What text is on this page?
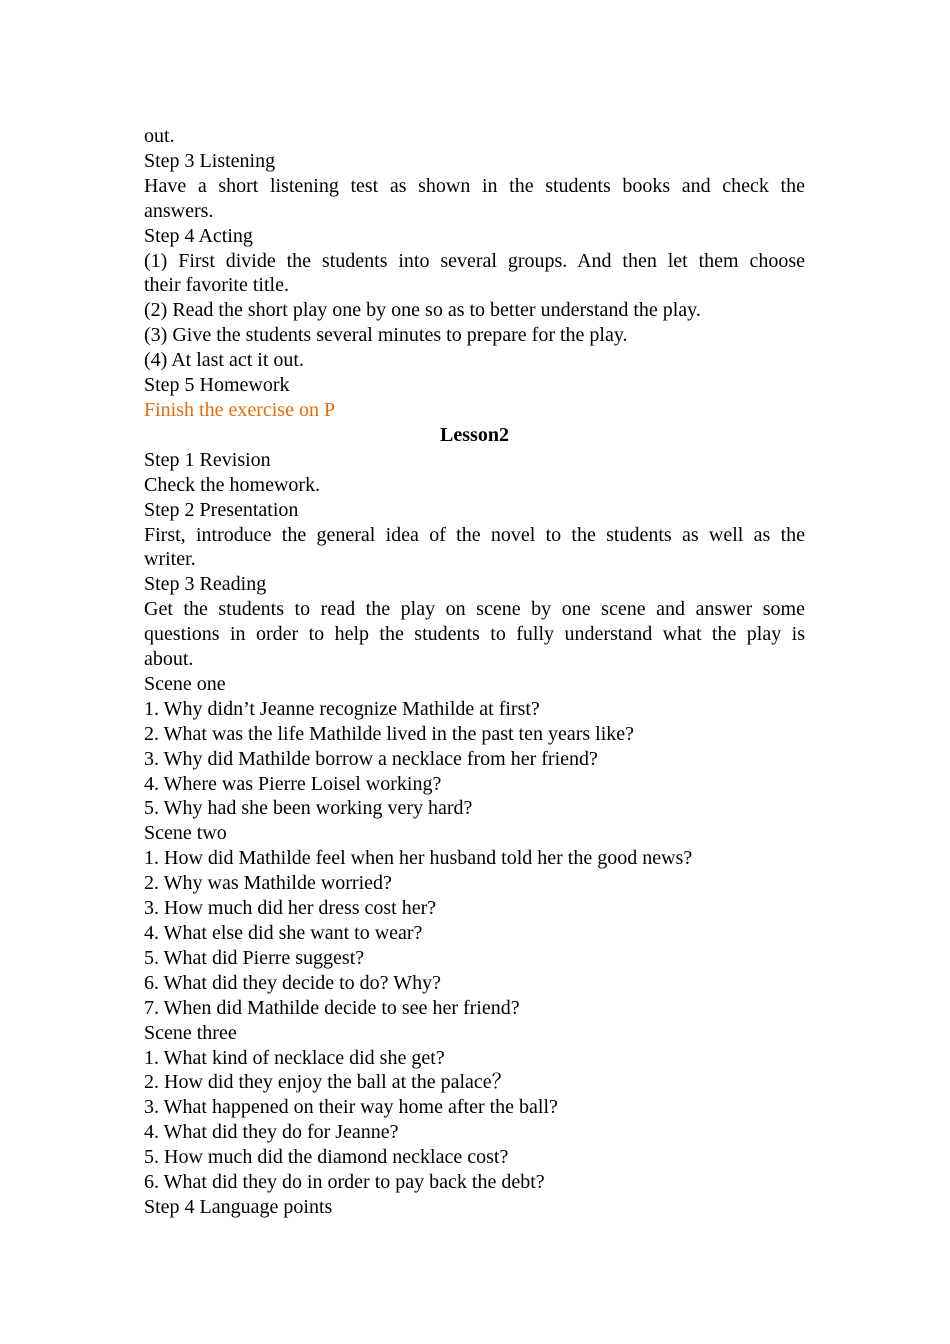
out.
Step 3 Listening
Have a short listening test as shown in the students books and check the
answers.
Step 4 Acting
(1) First divide the students into several groups. And then let them choose
their favorite title.
(2) Read the short play one by one so as to better understand the play.
(3) Give the students several minutes to prepare for the play.
(4) At last act it out.
Step 5 Homework
Finish the exercise on P
Lesson2
Step 1 Revision
Check the homework.
Step 2 Presentation
First, introduce the general idea of the novel to the students as well as the
writer.
Step 3 Reading
Get the students to read the play on scene by one scene and answer some
questions in order to help the students to fully understand what the play is
about.
Scene one
1. Why didn’t Jeanne recognize Mathilde at first?
2. What was the life Mathilde lived in the past ten years like?
3. Why did Mathilde borrow a necklace from her friend?
4. Where was Pierre Loisel working?
5. Why had she been working very hard?
Scene two
1. How did Mathilde feel when her husband told her the good news?
2. Why was Mathilde worried?
3. How much did her dress cost her?
4. What else did she want to wear?
5. What did Pierre suggest?
6. What did they decide to do? Why?
7. When did Mathilde decide to see her friend?
Scene three
1. What kind of necklace did she get?
2. How did they enjoy the ball at the palace？
3. What happened on their way home after the ball?
4. What did they do for Jeanne?
5. How much did the diamond necklace cost?
6. What did they do in order to pay back the debt?
Step 4 Language points
